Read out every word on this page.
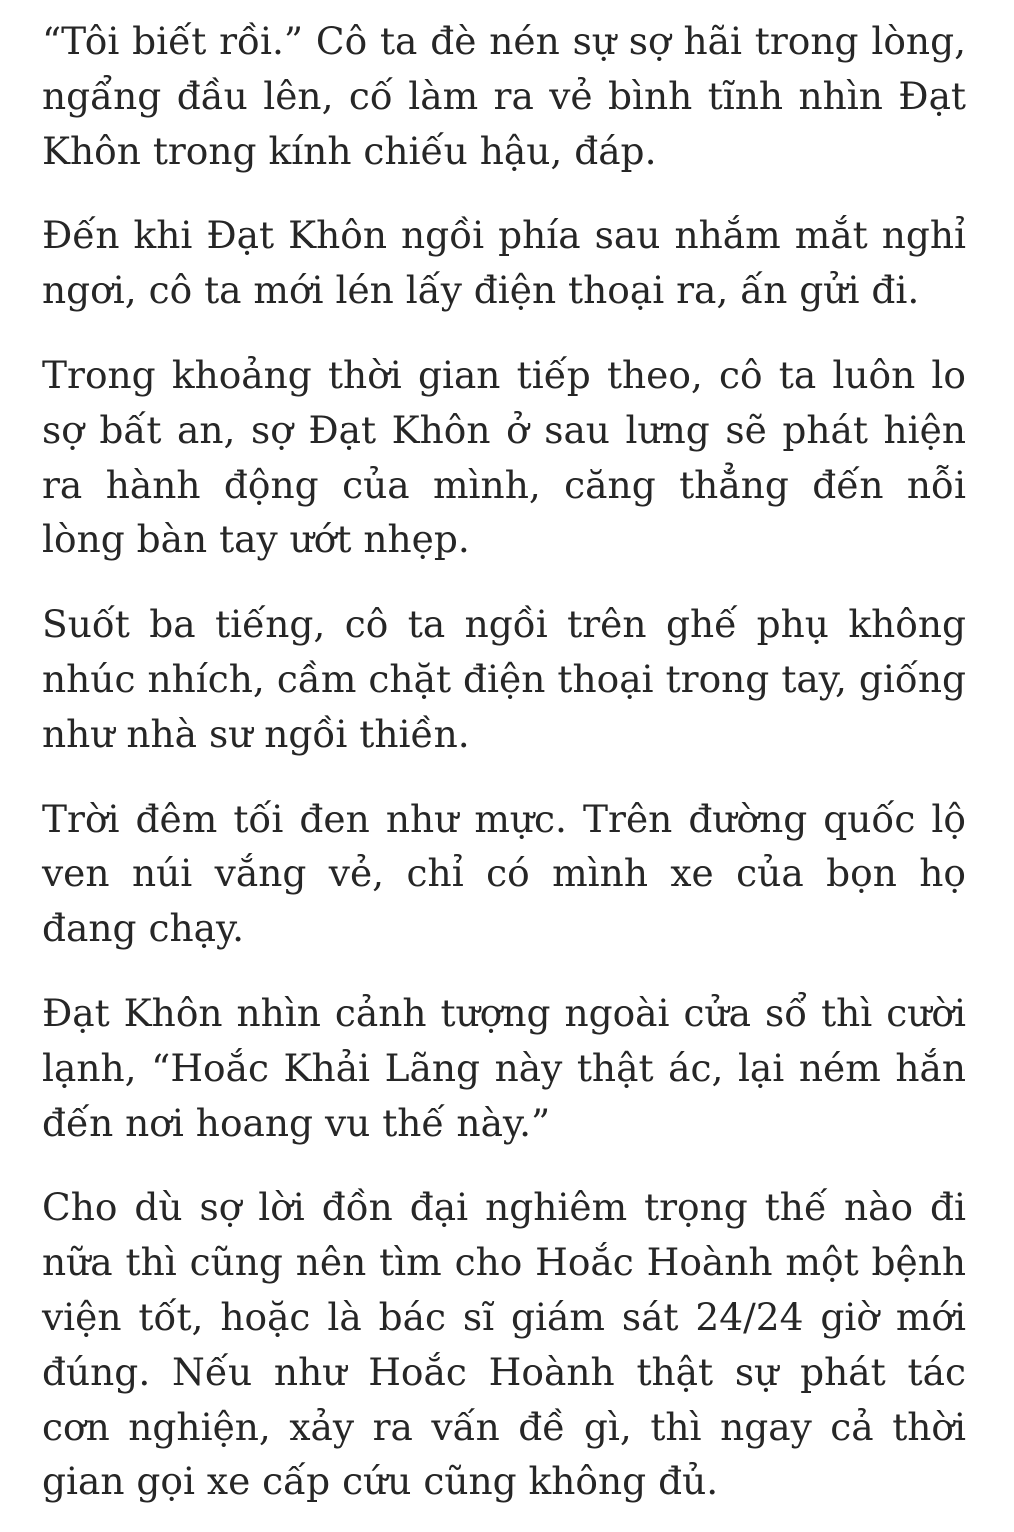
“Tôi biết rồi.” Cô ta đè nén sự sợ hãi trong lòng, ngẩng đầu lên, cố làm ra vẻ bình tĩnh nhìn Đạt Khôn trong kính chiếu hậu, đáp.

Đến khi Đạt Khôn ngồi phía sau nhắm mắt nghỉ ngơi, cô ta mới lén lấy điện thoại ra, ấn gửi đi.

Trong khoảng thời gian tiếp theo, cô ta luôn lo sợ bất an, sợ Đạt Khôn ở sau lưng sẽ phát hiện ra hành động của mình, căng thẳng đến nỗi lòng bàn tay ướt nhẹp.

Suốt ba tiếng, cô ta ngồi trên ghế phụ không nhúc nhích, cầm chặt điện thoại trong tay, giống như nhà sư ngồi thiền.

Trời đêm tối đen như mực. Trên đường quốc lộ ven núi vắng vẻ, chỉ có mình xe của bọn họ đang chạy.

Đạt Khôn nhìn cảnh tượng ngoài cửa sổ thì cười lạnh, “Hoắc Khải Lãng này thật ác, lại ném hắn đến nơi hoang vu thế này.”

Cho dù sợ lời đồn đại nghiêm trọng thế nào đi nữa thì cũng nên tìm cho Hoắc Hoành một bệnh viện tốt, hoặc là bác sĩ giám sát 24/24 giờ mới đúng. Nếu như Hoắc Hoành thật sự phát tác cơn nghiện, xảy ra vấn đề gì, thì ngay cả thời gian gọi xe cấp cứu cũng không đủ.
